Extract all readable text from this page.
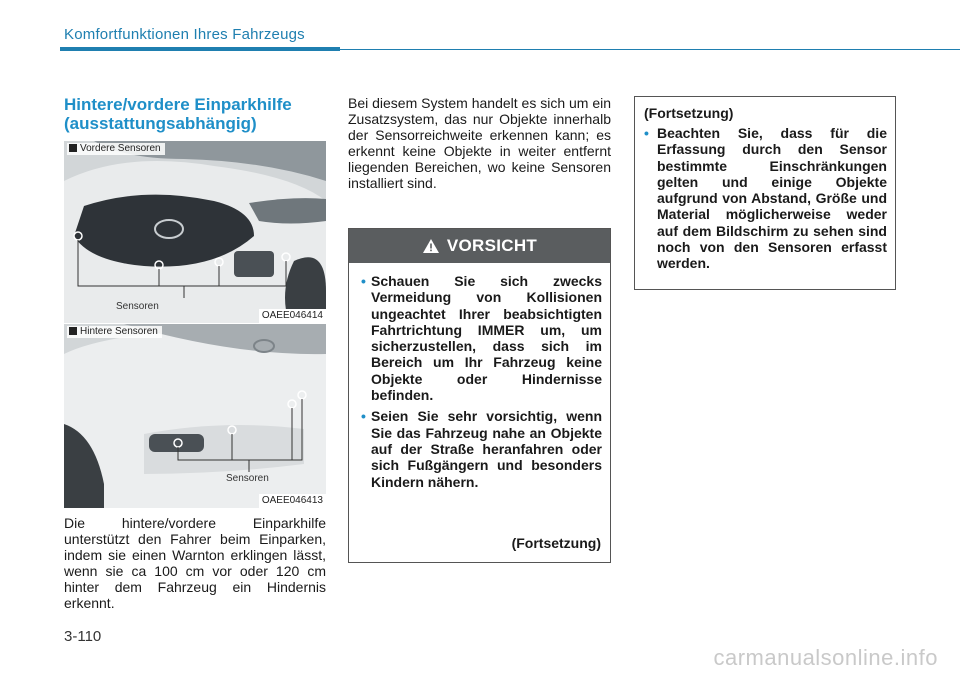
Komfortfunktionen Ihres Fahrzeugs
Hintere/vordere Einparkhilfe (ausstattungsabhängig)
Vordere Sensoren
Sensoren
OAEE046414
Hintere Sensoren
Sensoren
OAEE046413
Die hintere/vordere Einparkhilfe unterstützt den Fahrer beim Einparken, indem sie einen Warnton erklingen lässt, wenn sie ca 100 cm vor oder 120 cm hinter dem Fahrzeug ein Hindernis erkennt.
Bei diesem System handelt es sich um ein Zusatzsystem, das nur Objekte innerhalb der Sensorreichweite erkennen kann; es erkennt keine Objekte in weiter entfernt liegenden Bereichen, wo keine Sensoren installiert sind.
VORSICHT
• Schauen Sie sich zwecks Vermeidung von Kollisionen ungeachtet Ihrer beabsichtigten Fahrtrichtung IMMER um, um sicherzustellen, dass sich im Bereich um Ihr Fahrzeug keine Objekte oder Hindernisse befinden.
• Seien Sie sehr vorsichtig, wenn Sie das Fahrzeug nahe an Objekte auf der Straße heranfahren oder sich Fußgängern und besonders Kindern nähern.
(Fortsetzung)
(Fortsetzung)
• Beachten Sie, dass für die Erfassung durch den Sensor bestimmte Einschränkungen gelten und einige Objekte aufgrund von Abstand, Größe und Material möglicherweise weder auf dem Bildschirm zu sehen sind noch von den Sensoren erfasst werden.
3-110
carmanualsonline.info
